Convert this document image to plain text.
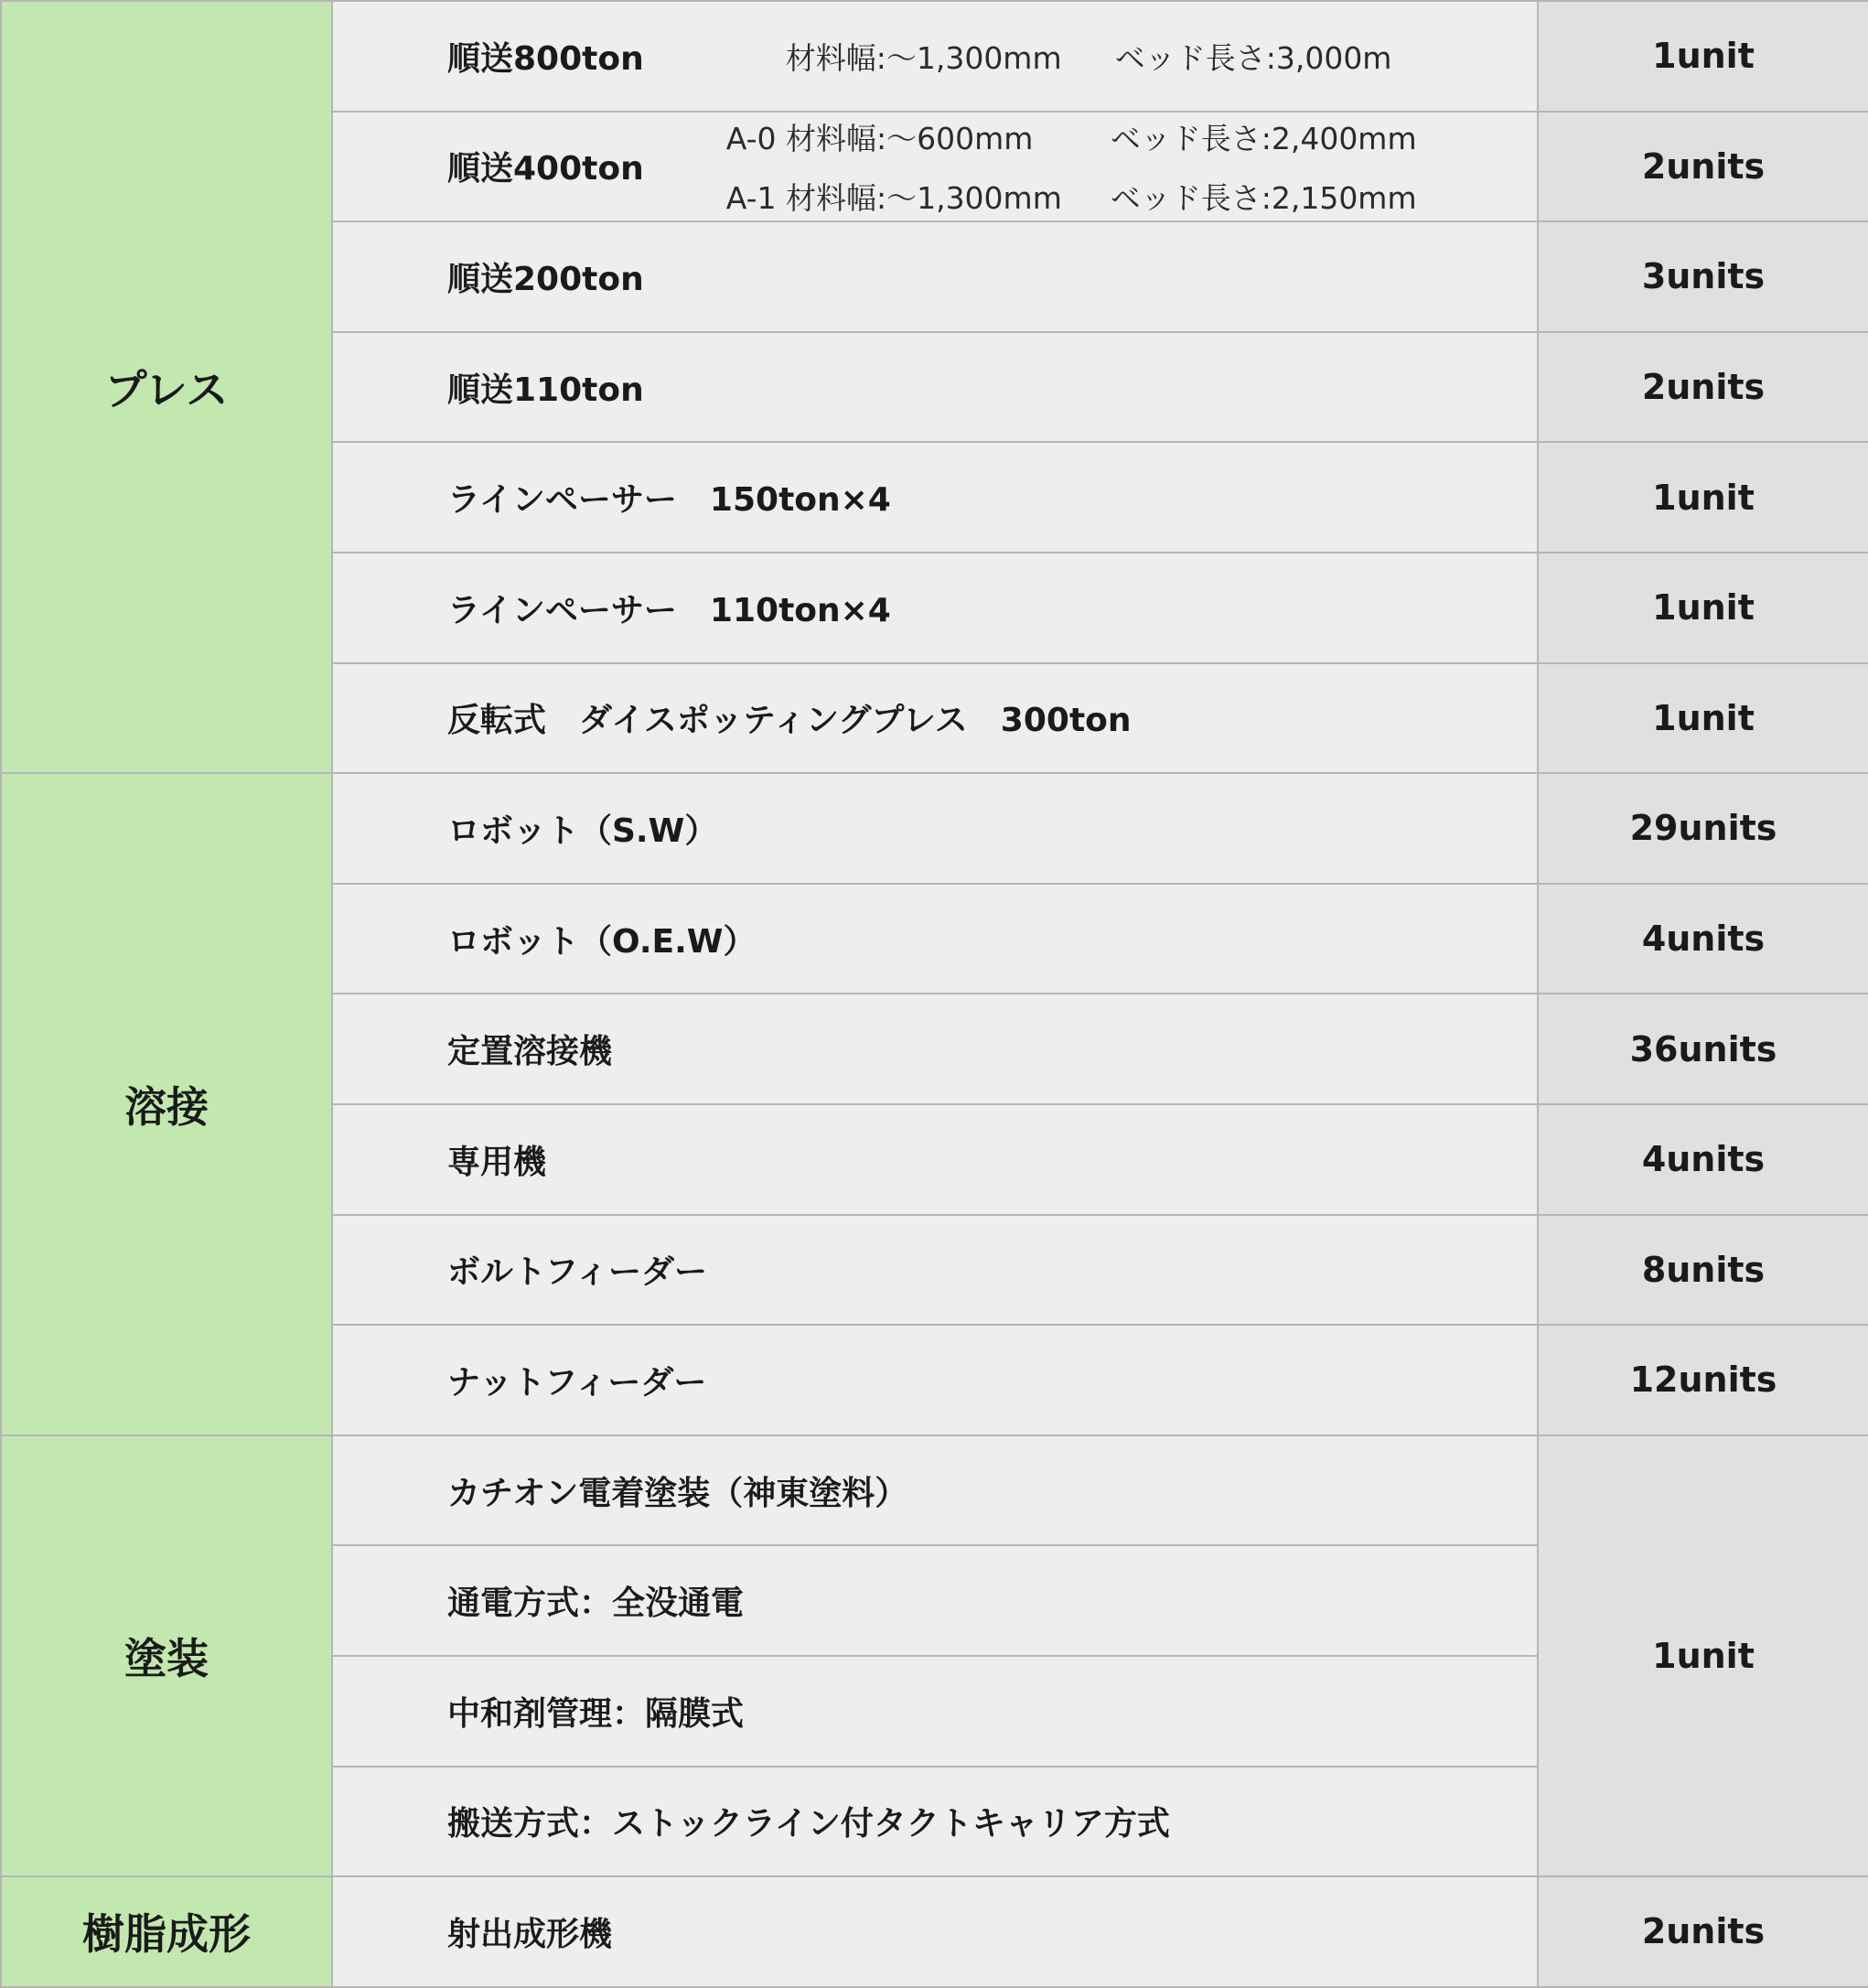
プレス	順送800ton 材料幅:～1,300mm ベッド長さ:3,000m	1unit

	順送400ton
A-0 材料幅:～600mm ベッド長さ:2,400mm
A-1 材料幅:～1,300mm ベッド長さ:2,150mm	2units
	順送200ton	3units
	順送110ton	2units
	ラインペーサー　150ton×4	1unit
	ラインペーサー　110ton×4	1unit
	反転式　ダイスポッティングプレス　300ton	1unit
溶接	ロボット（S.W）	29units
	ロボット（O.E.W）	4units
	定置溶接機	36units
	専用機	4units
	ボルトフィーダー	8units
	ナットフィーダー	12units
塗装	カチオン電着塗装（神東塗料）	1unit
	通電方式：全没通電	
	中和剤管理：隔膜式	
	搬送方式：ストックライン付タクトキャリア方式	
樹脂成形	射出成形機	2units
